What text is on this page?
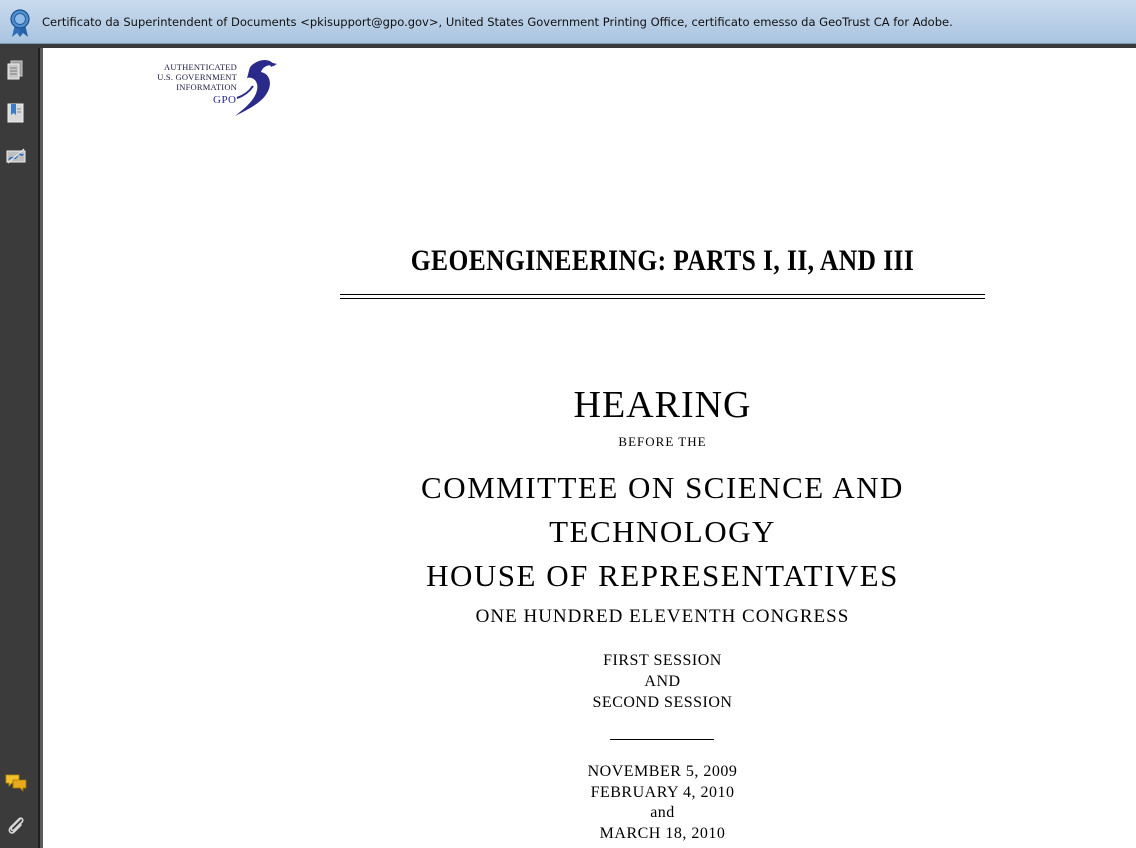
Certificato da Superintendent of Documents <pkisupport@gpo.gov>, United States Government Printing Office, certificato emesso da GeoTrust CA for Adobe.
AUTHENTICATED
U.S. GOVERNMENT
INFORMATION
GPO
GEOENGINEERING: PARTS I, II, AND III
HEARING
BEFORE THE
COMMITTEE ON SCIENCE AND
TECHNOLOGY
HOUSE OF REPRESENTATIVES
ONE HUNDRED ELEVENTH CONGRESS
FIRST SESSION
AND
SECOND SESSION
NOVEMBER 5, 2009
FEBRUARY 4, 2010
and
MARCH 18, 2010
